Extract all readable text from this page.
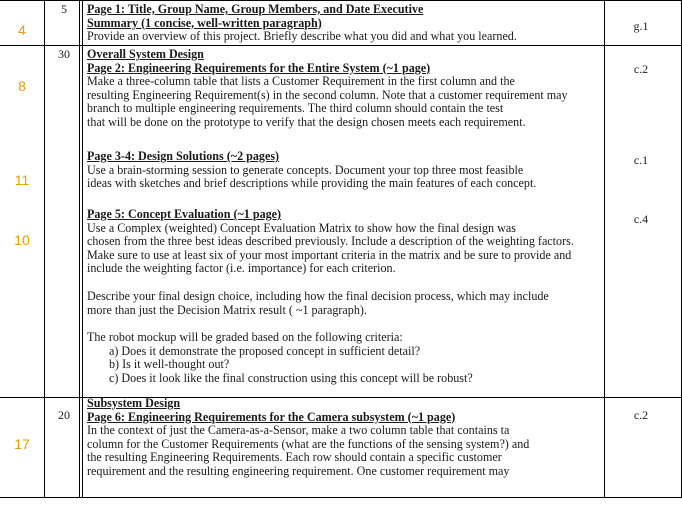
4
5
g.1
Page 1: Title, Group Name, Group Members, and Date Executive
Summary (1 concise, well-written paragraph)
Provide an overview of this project. Briefly describe what you did and what you learned.
8
30
c.2
Overall System Design
Page 2: Engineering Requirements for the Entire System (~1 page)
Make a three-column table that lists a Customer Requirement in the first column and the
resulting Engineering Requirement(s) in the second column. Note that a customer requirement may
branch to multiple engineering requirements. The third column should contain the test
that will be done on the prototype to verify that the design chosen meets each requirement.
11
c.1
Page 3-4: Design Solutions (~2 pages)
Use a brain-storming session to generate concepts. Document your top three most feasible
ideas with sketches and brief descriptions while providing the main features of each concept.
10
c.4
Page 5: Concept Evaluation (~1 page)
Use a Complex (weighted) Concept Evaluation Matrix to show how the final design was
chosen from the three best ideas described previously. Include a description of the weighting factors.
Make sure to use at least six of your most important criteria in the matrix and be sure to provide and
include the weighting factor (i.e. importance) for each criterion.
Describe your final design choice, including how the final decision process, which may include
more than just the Decision Matrix result ( ~1 paragraph).
The robot mockup will be graded based on the following criteria:
a) Does it demonstrate the proposed concept in sufficient detail?
b) Is it well-thought out?
c) Does it look like the final construction using this concept will be robust?
17
20	c.2
Subsystem Design
Page 6: Engineering Requirements for the Camera subsystem (~1 page)
In the context of just the Camera-as-a-Sensor, make a two column table that contains ta
column for the Customer Requirements (what are the functions of the sensing system?) and
the resulting Engineering Requirements. Each row should contain a specific customer
requirement and the resulting engineering requirement. One customer requirement may
